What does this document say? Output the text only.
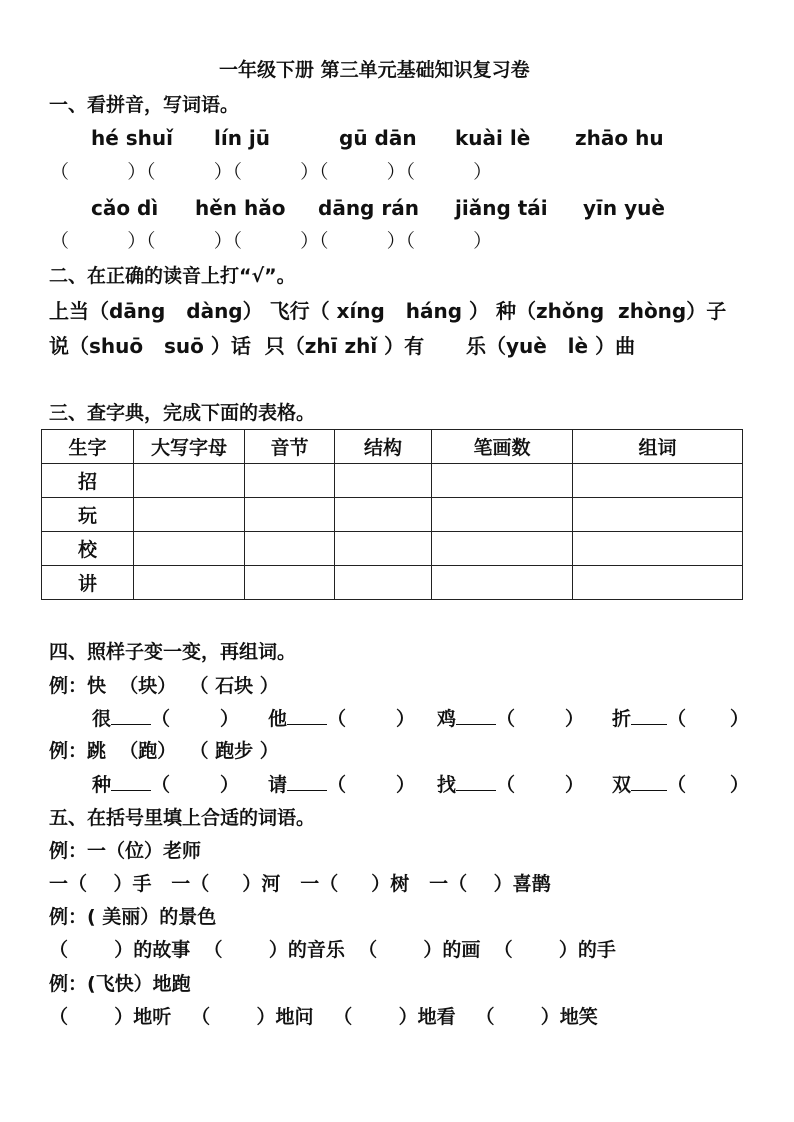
一年级下册 第三单元基础知识复习卷
一、看拼音，写词语。
hé shuǐ lín jū	gū dān kuài lè zhāo hu
（          ）（          ）（          ）（          ）（          ）
cǎo dì hěn hǎo dāng rán jiǎng tái yīn yuè
（          ）（          ）（          ）（          ）（          ）
二、在正确的读音上打“√”。
上当（dāng   dàng） 飞行（ xíng   háng ） 种（zhǒng  zhòng）子
说（shuō   suō ）话  只（zhī zhǐ ）有      乐（yuè   lè ）曲
三、查字典，完成下面的表格。
生字	大写字母	音节	结构	笔画数	组词
招					
玩					
校					
讲					
四、照样子变一变，再组词。
例：快  （块）  （ 石块 ）
很 （	） 他 （	） 鸡 （	） 折 （ ）
例：跳  （跑）  （ 跑步 ）
种 （	） 请 （	） 找 （	） 双 （ ）
五、在括号里填上合适的词语。
例：一（位）老师
一（    ）手   一（     ）河   一（     ）树   一（    ）喜鹊
例：( 美丽）的景色
（       ）的故事  （       ）的音乐  （       ）的画  （       ）的手
例：(飞快）地跑
（       ）地听   （       ）地问   （       ）地看   （       ）地笑
